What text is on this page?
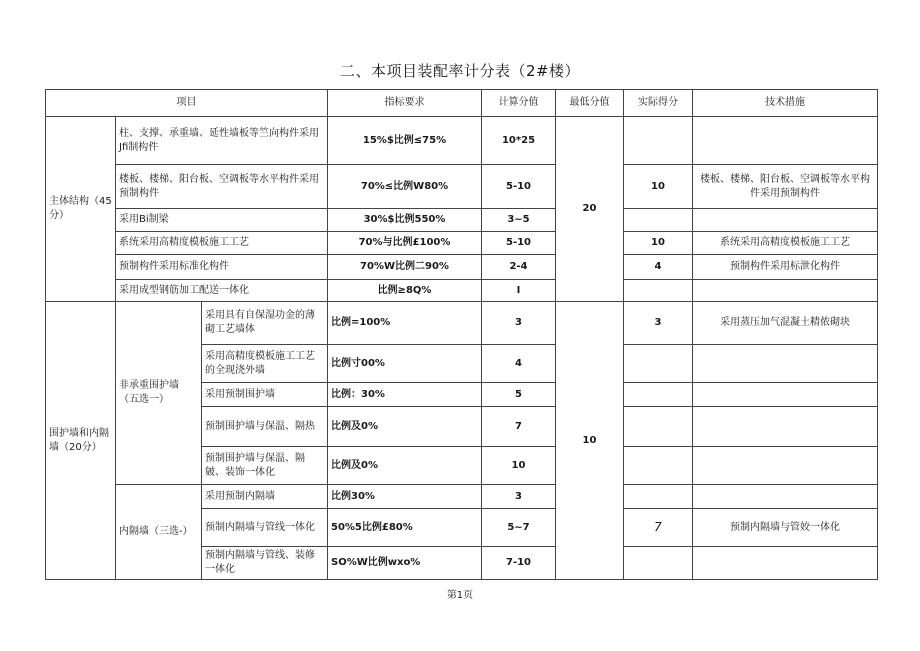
二、本项目装配率计分表（2#楼）
项目			指标要求	计算分值	最低分值	实际得分	技术措施
主体结构（45分）	柱、支撑、承重墙、延性墙板等竺向构件采用Jfi制构件		15%$比例≤75%	10*25	20		
	楼板、楼梯、阳台板、空调板等水平构件采用预制构件		70%≤比例W80%	5-10		10	楼板、楼梯、阳台板、空调板等水平构件采用预制构件
	采用Bi制梁		30%$比例550%	3~5			
	系统采用高精度模板施工工艺		70%与比例£100%	5-10		10	系统采用高精度模板施工工艺
	预制构件采用标准化构件		70%W比例二90%	2-4		4	预制构件采用标泄化构件
	采用成型钢筋加工配送一体化		比例≥8Q%	I			
围护墙和内隔墙（20分）	非承重围护墙（五选一）	采用具有自保湿功金的薄砌工艺墙体	比例=100%	3	10	3	采用蒸压加气混凝土精侬砌块
		采用高精度模板施工工艺的全现浇外墙	比例寸00%	4			
		采用预制围护墙	比例：30%	5			
		预制围护墙与保温、隔热	比例及0%	7			
		预制围护墙与保温、隔皴、装饰一体化	比例及0%	10			
	内隔墙（三选-）	采用预制内隔墙	比例30%	3			
		预制内隔墙与管线一体化	50%5比例£80%	5~7		7	预制内隔墙与管姣一体化
		预制内隔墙与管线、装修一体化	SO%W比例wxo%	7-10			
第1页
